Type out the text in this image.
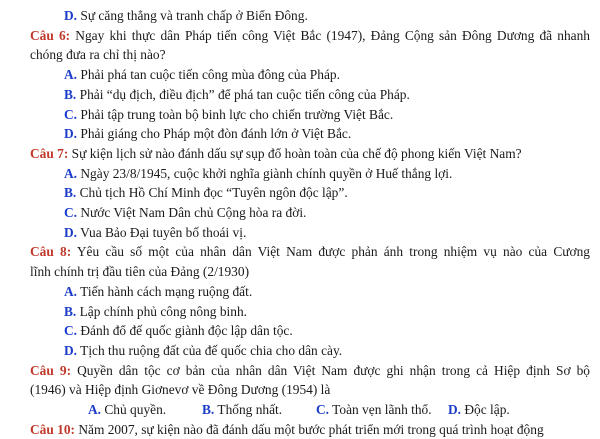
D. Sự căng thẳng và tranh chấp ở Biển Đông.
Câu 6: Ngay khi thực dân Pháp tiến công Việt Bắc (1947), Đảng Cộng sản Đông Dương đã nhanh
chóng đưa ra chỉ thị nào?
A. Phải phá tan cuộc tiến công mùa đông của Pháp.
B. Phải “dụ địch, điều địch” để phá tan cuộc tiến công của Pháp.
C. Phải tập trung toàn bộ binh lực cho chiến trường Việt Bắc.
D. Phải giáng cho Pháp một đòn đánh lớn ở Việt Bắc.
Câu 7: Sự kiện lịch sử nào đánh dấu sự sụp đổ hoàn toàn của chế độ phong kiến Việt Nam?
A. Ngày 23/8/1945, cuộc khởi nghĩa giành chính quyền ở Huế thắng lợi.
B. Chủ tịch Hồ Chí Minh đọc “Tuyên ngôn độc lập”.
C. Nước Việt Nam Dân chủ Cộng hòa ra đời.
D. Vua Bảo Đại tuyên bố thoái vị.
Câu 8: Yêu cầu số một của nhân dân Việt Nam được phản ánh trong nhiệm vụ nào của Cương
lĩnh chính trị đầu tiên của Đảng (2/1930)
A. Tiến hành cách mạng ruộng đất.
B. Lập chính phủ công nông binh.
C. Đánh đổ đế quốc giành độc lập dân tộc.
D. Tịch thu ruộng đất của đế quốc chia cho dân cày.
Câu 9: Quyền dân tộc cơ bản của nhân dân Việt Nam được ghi nhận trong cả Hiệp định Sơ bộ
(1946) và Hiệp định Giơnevơ về Đông Dương (1954) là
A. Chủ quyền.	B. Thống nhất.	C. Toàn vẹn lãnh thổ.	D. Độc lập.
Câu 10: Năm 2007, sự kiện nào đã đánh dấu một bước phát triển mới trong quá trình hoạt động
